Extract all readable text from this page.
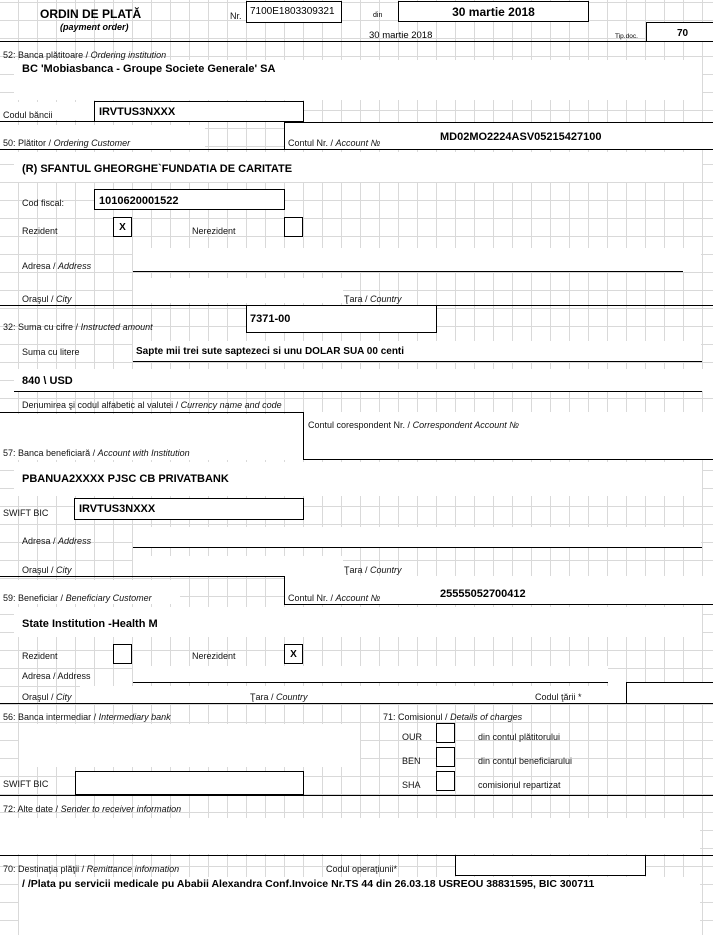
ORDIN DE PLATĂ
(payment order)
Nr. 7100E1803309321	din	30 martie 2018
30 martie 2018	Tip.doc.	70
52: Banca plătitoare / Ordering institution
BC 'Mobiasbanca - Groupe Societe Generale' SA
Codul băncii	IRVTUS3NXXX
50: Plătitor / Ordering Customer	Contul Nr. / Account №	MD02MO2224ASV05215427100
(R) SFANTUL GHEORGHE`FUNDATIA DE CARITATE
Cod fiscal:	1010620001522
Rezident	X	Nerezident
Adresa / Address
Oraşul / City	Ţara / Country
32: Suma cu cifre / Instructed amount
7371-00
Suma cu litere	Sapte mii trei sute saptezeci si unu DOLAR SUA 00 centi
840 \ USD
Denumirea şi codul alfabetic al valutei / Currency name and code
Contul corespondent Nr. / Correspondent Account №
57: Banca beneficiară / Account with Institution
PBANUA2XXXX PJSC CB PRIVATBANK
SWIFT BIC	IRVTUS3NXXX
Adresa / Address
Oraşul / City	Ţara / Country
59: Beneficiar / Beneficiary Customer	Contul Nr. / Account №	25555052700412
State Institution -Health M
Rezident	Nerezident	X
Adresa / Address
Oraşul / City	Ţara / Country	Codul ţării *
56: Banca intermediar / Intermediary bank
SWIFT BIC
71: Comisionul / Details of charges
OUR	din contul plătitorului
BEN	din contul beneficiarului
SHA	comisionul repartizat
72: Alte date / Sender to receiver information
70: Destinaţia plăţii / Remittance information	Codul operaţiunii*
/ /Plata pu servicii medicale pu Ababii Alexandra Conf.Invoice Nr.TS 44 din 26.03.18 USREOU 38831595, BIC 300711
